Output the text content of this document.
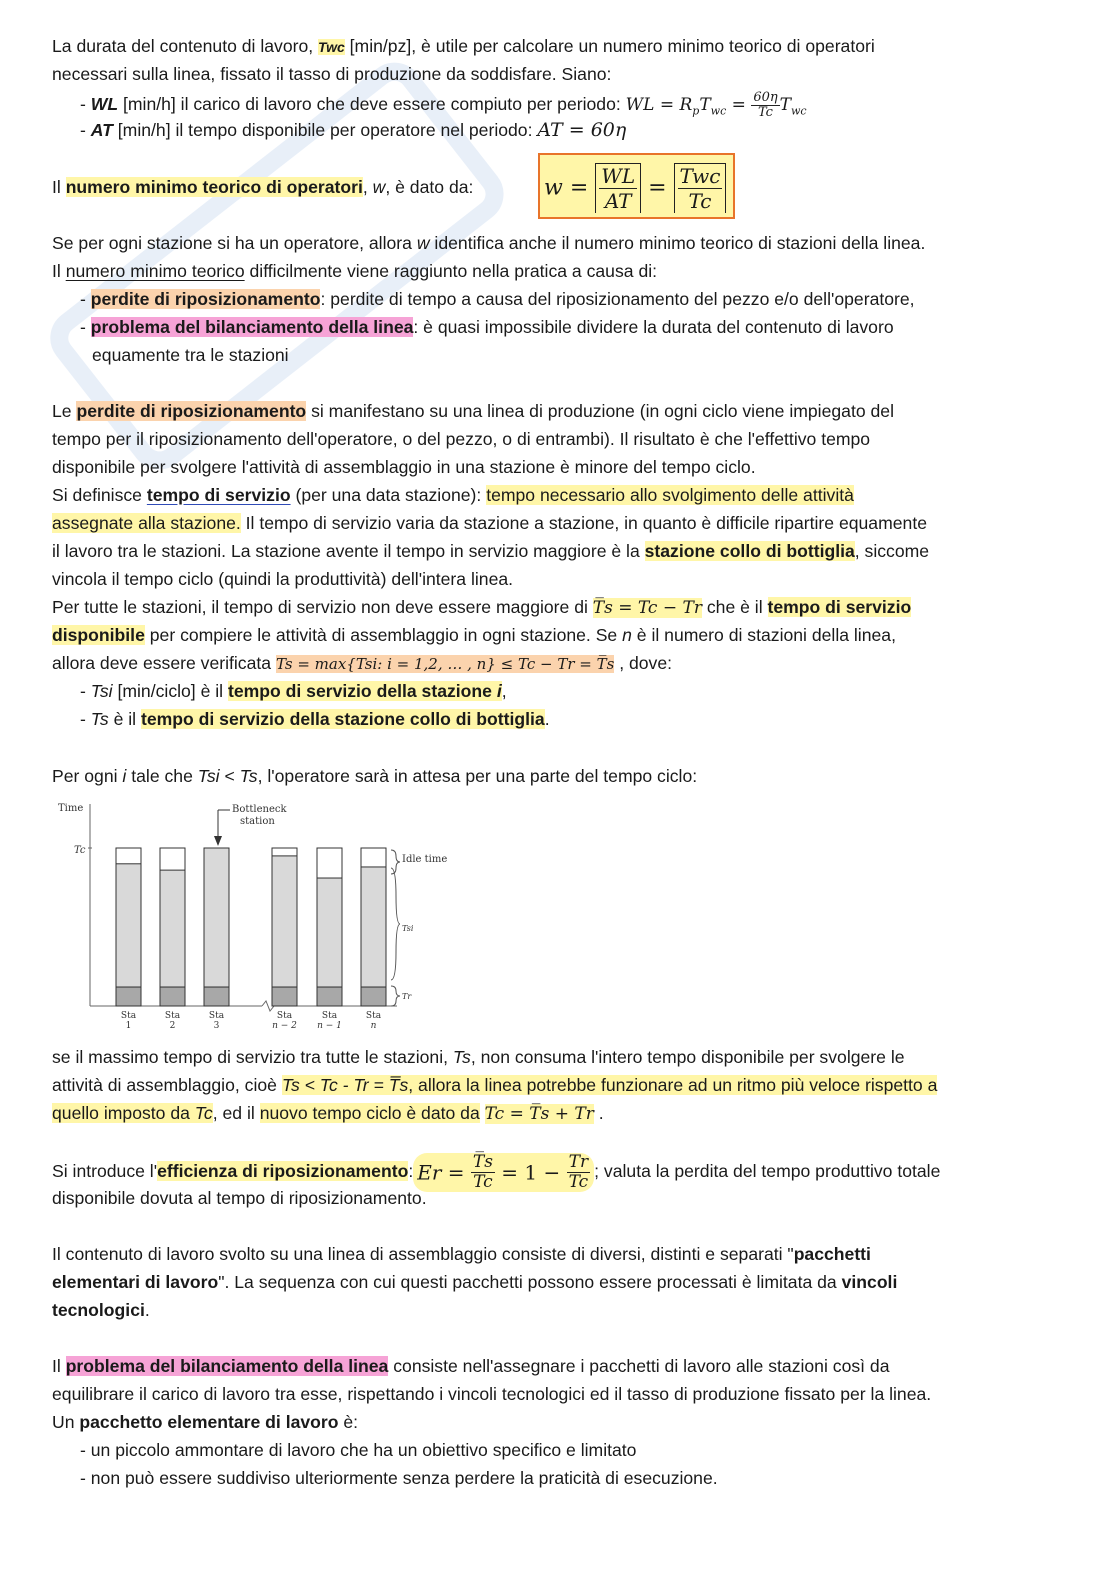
La durata del contenuto di lavoro, Twc [min/pz], è utile per calcolare un numero minimo teorico di operatori
necessari sulla linea, fissato il tasso di produzione da soddisfare. Siano:
- WL [min/h] il carico di lavoro che deve essere compiuto per periodo: WL = $R_pT_{wc} = \frac{60\eta}{Tc} T_{wc}$
- AT [min/h] il tempo disponibile per operatore nel periodo: AT = 60η
Il numero minimo teorico di operatori, w, è dato da:	$w = \frac{WL}{AT} = \frac{\text{Twc}}{Tc}$
Se per ogni stazione si ha un operatore, allora w identifica anche il numero minimo teorico di stazioni della linea.
Il numero minimo teorico difficilmente viene raggiunto nella pratica a causa di:
- perdite di riposizionamento: perdite di tempo a causa del riposizionamento del pezzo e/o dell'operatore,
- problema del bilanciamento della linea: è quasi impossibile dividere la durata del contenuto di lavoro
equamente tra le stazioni
Le perdite di riposizionamento si manifestano su una linea di produzione (in ogni ciclo viene impiegato del
tempo per il riposizionamento dell'operatore, o del pezzo, o di entrambi). Il risultato è che l'effettivo tempo
disponibile per svolgere l'attività di assemblaggio in una stazione è minore del tempo ciclo.
Si definisce tempo di servizio (per una data stazione): tempo necessario allo svolgimento delle attività
assegnate alla stazione. Il tempo di servizio varia da stazione a stazione, in quanto è difficile ripartire equamente
il lavoro tra le stazioni. La stazione avente il tempo in servizio maggiore è la stazione collo di bottiglia, siccome
vincola il tempo ciclo (quindi la produttività) dell'intera linea.
Per tutte le stazioni, il tempo di servizio non deve essere maggiore di T̅s = Tc − Tr che è il tempo di servizio
disponibile per compiere le attività di assemblaggio in ogni stazione. Se n è il numero di stazioni della linea,
allora deve essere verificata Ts = max{Tsi: i = 1,2, … , n} ≤ Tc − Tr = T̅s , dove:
- Tsi [min/ciclo] è il tempo di servizio della stazione i,
- Ts è il tempo di servizio della stazione collo di bottiglia.
Per ogni i tale che Tsi < Ts, l'operatore sarà in attesa per una parte del tempo ciclo:
Time
Tc
Bottleneck
station
Idle time
Tsi
Tr
Sta
1
Sta
2
Sta
3
Sta
n − 2
Sta
n − 1
Sta
n
se il massimo tempo di servizio tra tutte le stazioni, Ts, non consuma l'intero tempo disponibile per svolgere le
attività di assemblaggio, cioè Ts < Tc - Tr = T̅s, allora la linea potrebbe funzionare ad un ritmo più veloce rispetto a
quello imposto da Tc, ed il nuovo tempo ciclo è dato da Tc = T̅s + Tr .
Si introduce l'efficienza di riposizionamento: $Er = \frac{T̅s}{Tc} = 1 - \frac{Tr}{Tc}$ ; valuta la perdita del tempo produttivo totale
disponibile dovuta al tempo di riposizionamento.
Il contenuto di lavoro svolto su una linea di assemblaggio consiste di diversi, distinti e separati "pacchetti
elementari di lavoro". La sequenza con cui questi pacchetti possono essere processati è limitata da vincoli
tecnologici.
Il problema del bilanciamento della linea consiste nell'assegnare i pacchetti di lavoro alle stazioni così da
equilibrare il carico di lavoro tra esse, rispettando i vincoli tecnologici ed il tasso di produzione fissato per la linea.
Un pacchetto elementare di lavoro è:
- un piccolo ammontare di lavoro che ha un obiettivo specifico e limitato
- non può essere suddiviso ulteriormente senza perdere la praticità di esecuzione.
